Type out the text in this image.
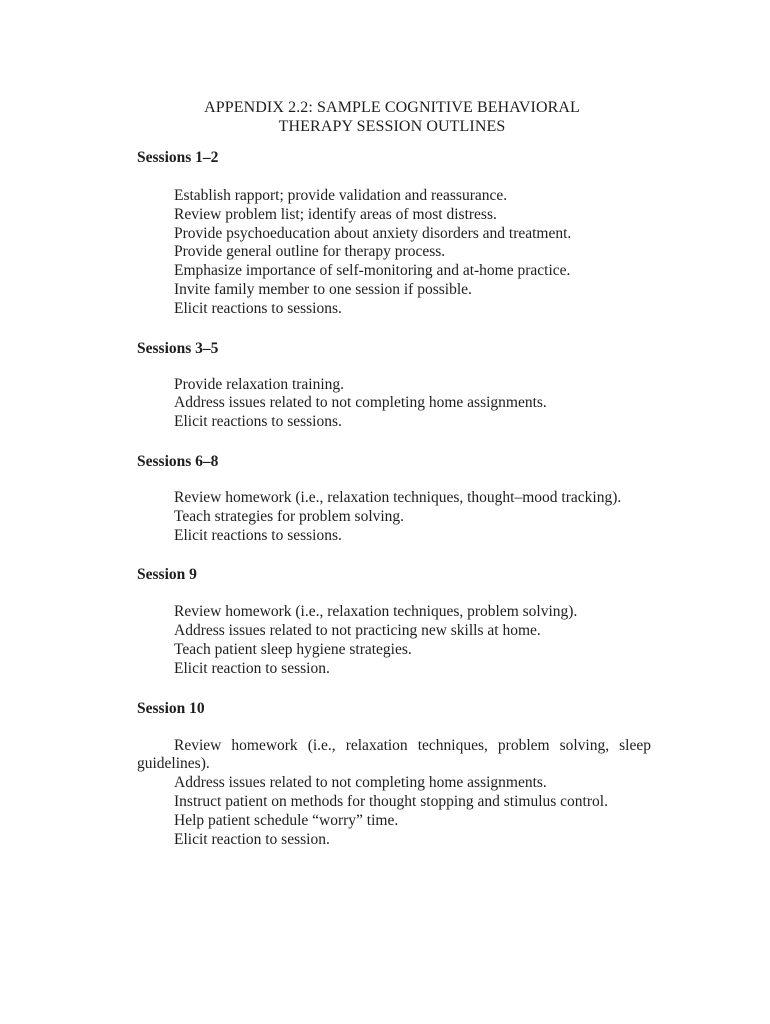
APPENDIX 2.2: SAMPLE COGNITIVE BEHAVIORAL
THERAPY SESSION OUTLINES
Sessions 1–2
Establish rapport; provide validation and reassurance.
Review problem list; identify areas of most distress.
Provide psychoeducation about anxiety disorders and treatment.
Provide general outline for therapy process.
Emphasize importance of self-monitoring and at-home practice.
Invite family member to one session if possible.
Elicit reactions to sessions.
Sessions 3–5
Provide relaxation training.
Address issues related to not completing home assignments.
Elicit reactions to sessions.
Sessions 6–8
Review homework (i.e., relaxation techniques, thought–mood tracking).
Teach strategies for problem solving.
Elicit reactions to sessions.
Session 9
Review homework (i.e., relaxation techniques, problem solving).
Address issues related to not practicing new skills at home.
Teach patient sleep hygiene strategies.
Elicit reaction to session.
Session 10
Review homework (i.e., relaxation techniques, problem solving, sleep guidelines).
Address issues related to not completing home assignments.
Instruct patient on methods for thought stopping and stimulus control.
Help patient schedule “worry” time.
Elicit reaction to session.
